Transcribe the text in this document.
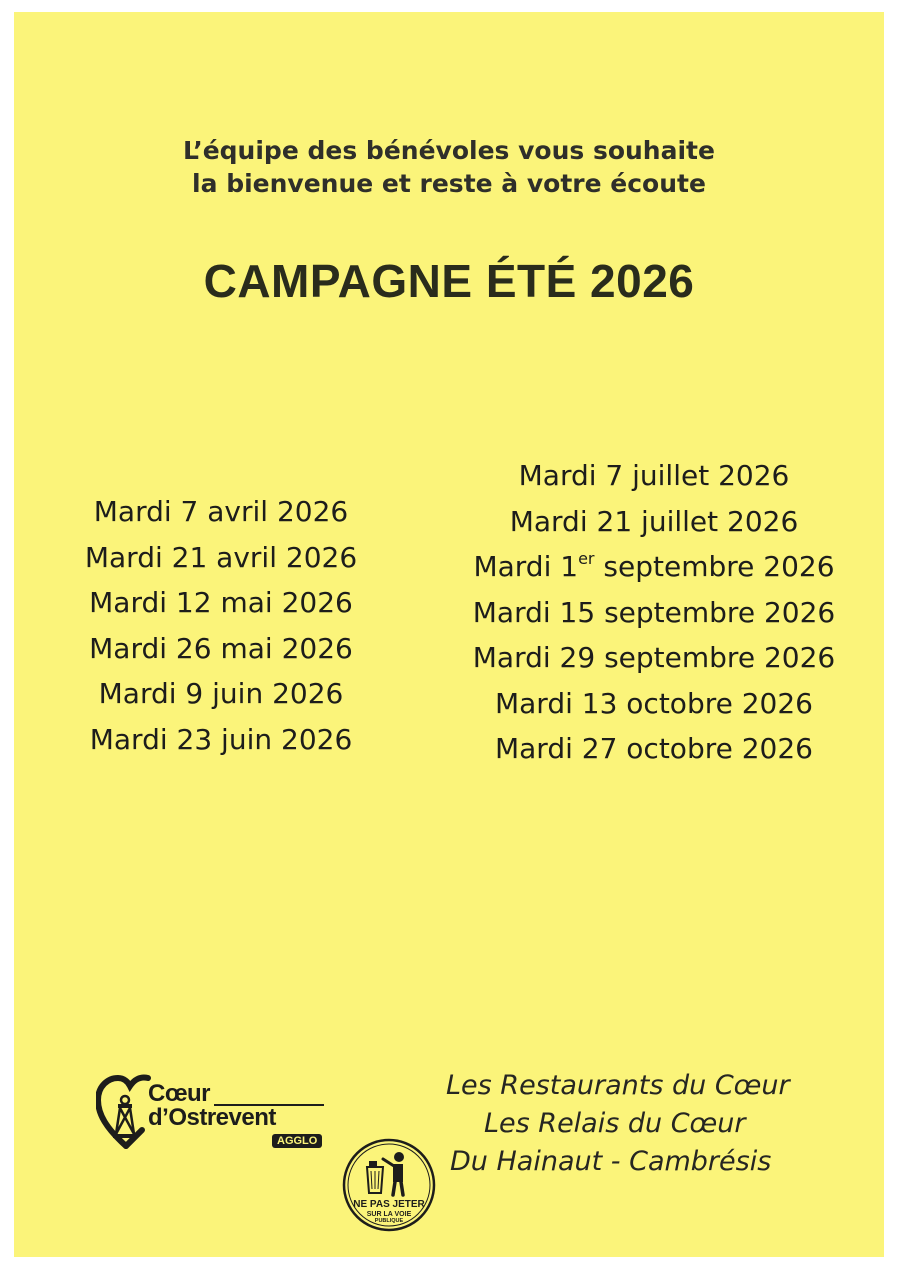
L’équipe des bénévoles vous souhaite
la bienvenue et reste à votre écoute
CAMPAGNE ÉTÉ 2026
Mardi 7 avril 2026
Mardi 21 avril 2026
Mardi 12 mai 2026
Mardi 26 mai 2026
Mardi 9 juin 2026
Mardi 23 juin 2026
Mardi 7 juillet 2026
Mardi 21 juillet 2026
Mardi 1er septembre 2026
Mardi 15 septembre 2026
Mardi 29 septembre 2026
Mardi 13 octobre 2026
Mardi 27 octobre 2026
Cœur
d’Ostrevent
AGGLO
NE PAS JETER
SUR LA VOIE
PUBLIQUE
Les Restaurants du Cœur
Les Relais du Cœur
Du Hainaut - Cambrésis
